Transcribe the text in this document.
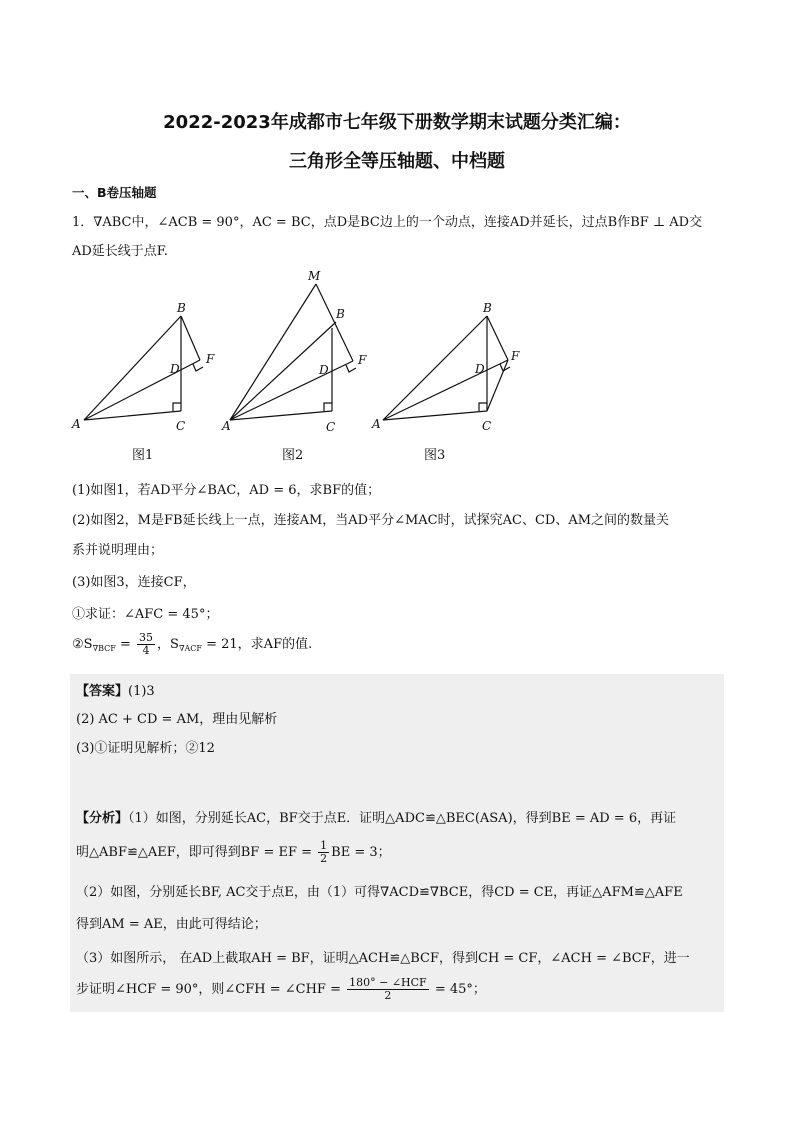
2022-2023年成都市七年级下册数学期末试题分类汇编：
三角形全等压轴题、中档题
一、B卷压轴题
1．∇ABC中，∠ACB = 90°，AC = BC，点D是BC边上的一个动点，连接AD并延长，过点B作BF ⊥ AD交
AD延长线于点F.
A
B
C
D
F
M
A
B
C
D
F
A
B
C
D
F
图1	图2	图3
(1)如图1，若AD平分∠BAC，AD = 6，求BF的值；
(2)如图2，M是FB延长线上一点，连接AM，当AD平分∠MAC时，试探究AC、CD、AM之间的数量关
系并说明理由；
(3)如图3，连接CF，
①求证：∠AFC = 45°；
$②S_{\nabla BCF} = \frac{35}{4}$ ，$S_{\nabla ACF} = 21$，求AF的值.
【答案】(1)3
(2) AC + CD = AM，理由见解析
(3)①证明见解析；②12
【分析】（1）如图，分别延长AC，BF交于点E．证明△ADC≌△BEC(ASA)，得到BE = AD = 6，再证
明△ABF≌△AEF，即可得到BF = EF = $\frac{1}{2}$ BE = 3；
（2）如图，分别延长BF, AC交于点E，由（1）可得∇ACD≌∇BCE，得CD = CE，再证△AFM≌△AFE
得到AM = AE，由此可得结论；
（3）如图所示， 在AD上截取AH = BF，证明△ACH≌△BCF，得到CH = CF，∠ACH = ∠BCF，进一
步证明∠HCF = 90°，则∠CFH = ∠CHF = $\frac{\text{180° − ∠HCF}}{2} = 45^\circ$；
